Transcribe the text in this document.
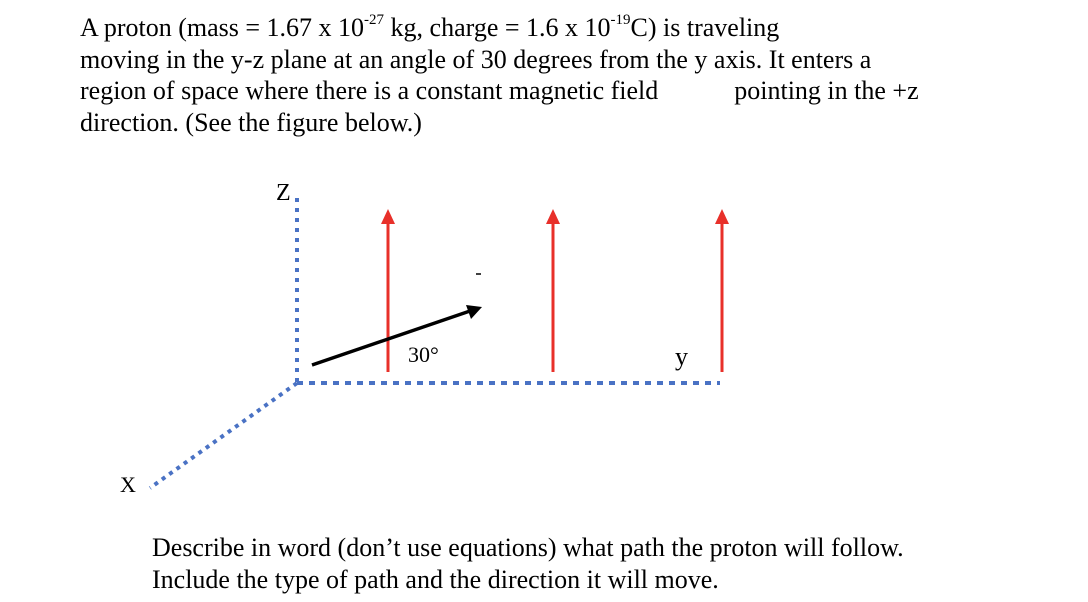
A proton (mass = 1.67 x $10^{-27}$ kg, charge = 1.6 x $10^{-19}C$) is traveling
moving in the y-z plane at an angle of 30 degrees from the y axis. It enters a
region of space where there is a constant magnetic field	pointing in the +z
direction. (See the figure below.)
Z
y
X
30°
Describe in word (don’t use equations) what path the proton will follow.
Include the type of path and the direction it will move.
